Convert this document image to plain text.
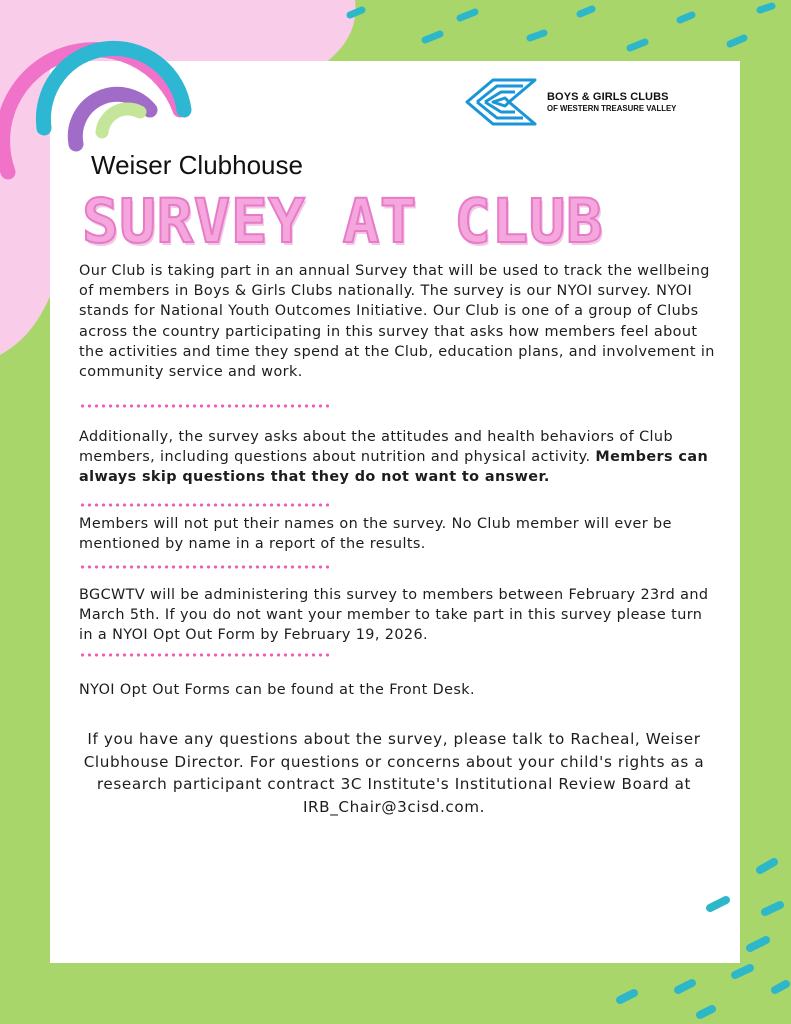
BOYS & GIRLS CLUBS
OF WESTERN TREASURE VALLEY
Weiser Clubhouse
SURVEY AT CLUB

Our Club is taking part in an annual Survey that will be used to track the wellbeing of members in Boys & Girls Clubs nationally. The survey is our NYOI survey. NYOI stands for National Youth Outcomes Initiative. Our Club is one of a group of Clubs across the country participating in this survey that asks how members feel about the activities and time they spend at the Club, education plans, and involvement in community service and work.

Additionally, the survey asks about the attitudes and health behaviors of Club members, including questions about nutrition and physical activity. Members can always skip questions that they do not want to answer.

Members will not put their names on the survey. No Club member will ever be mentioned by name in a report of the results.

BGCWTV will be administering this survey to members between February 23rd and March 5th. If you do not want your member to take part in this survey please turn in a NYOI Opt Out Form by February 19, 2026.

NYOI Opt Out Forms can be found at the Front Desk.

If you have any questions about the survey, please talk to Racheal, Weiser Clubhouse Director. For questions or concerns about your child's rights as a research participant contract 3C Institute's Institutional Review Board at IRB_Chair@3cisd.com.
